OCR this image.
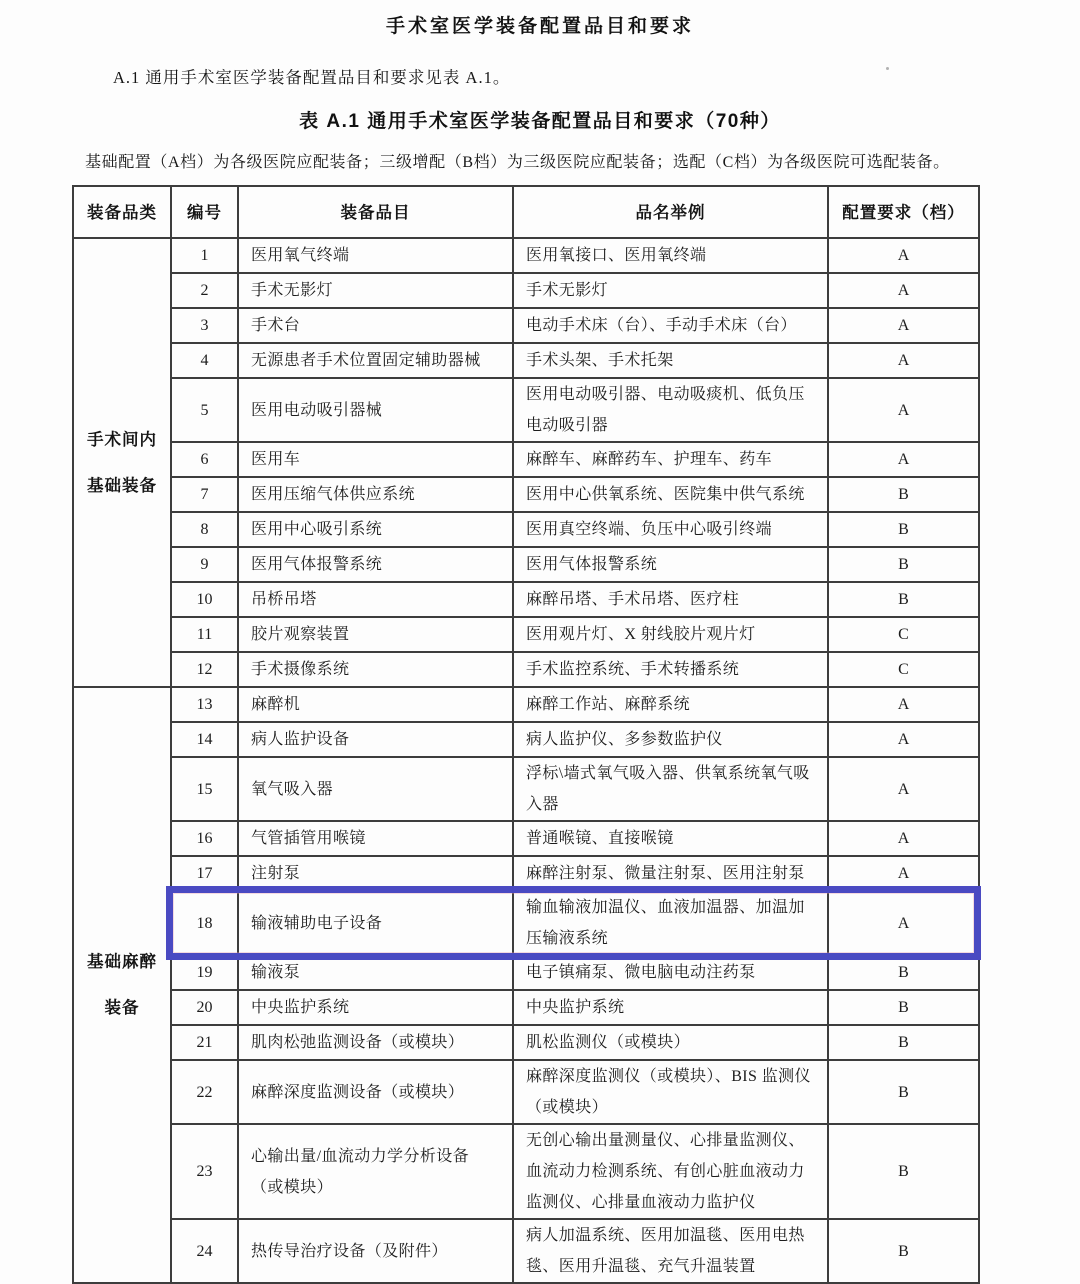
手术室医学装备配置品目和要求
A.1 通用手术室医学装备配置品目和要求见表 A.1。
表 A.1 通用手术室医学装备配置品目和要求（70种）
基础配置（A档）为各级医院应配装备；三级增配（B档）为三级医院应配装备；选配（C档）为各级医院可选配装备。
装备品类	编号	装备品目	品名举例	配置要求（档）

手术间内
基础装备	1	医用氧气终端	医用氧接口、医用氧终端	A
	2	手术无影灯	手术无影灯	A
	3	手术台	电动手术床（台）、手动手术床（台）	A
	4	无源患者手术位置固定辅助器械	手术头架、手术托架	A
	5	医用电动吸引器械	医用电动吸引器、电动吸痰机、低负压电动吸引器	A
	6	医用车	麻醉车、麻醉药车、护理车、药车	A
	7	医用压缩气体供应系统	医用中心供氧系统、医院集中供气系统	B
	8	医用中心吸引系统	医用真空终端、负压中心吸引终端	B
	9	医用气体报警系统	医用气体报警系统	B
	10	吊桥吊塔	麻醉吊塔、手术吊塔、医疗柱	B
	11	胶片观察装置	医用观片灯、X 射线胶片观片灯	C
	12	手术摄像系统	手术监控系统、手术转播系统	C

基础麻醉
装备	13	麻醉机	麻醉工作站、麻醉系统	A
	14	病人监护设备	病人监护仪、多参数监护仪	A
	15	氧气吸入器	浮标\墙式氧气吸入器、供氧系统氧气吸入器	A
	16	气管插管用喉镜	普通喉镜、直接喉镜	A
	17	注射泵	麻醉注射泵、微量注射泵、医用注射泵	A
	18	输液辅助电子设备	输血输液加温仪、血液加温器、加温加压输液系统	A
	19	输液泵	电子镇痛泵、微电脑电动注药泵	B
	20	中央监护系统	中央监护系统	B
	21	肌肉松弛监测设备（或模块）	肌松监测仪（或模块）	B
	22	麻醉深度监测设备（或模块）	麻醉深度监测仪（或模块）、BIS 监测仪（或模块）	B
	23	心输出量/血流动力学分析设备（或模块）	无创心输出量测量仪、心排量监测仪、血流动力检测系统、有创心脏血液动力监测仪、心排量血液动力监护仪	B
	24	热传导治疗设备（及附件）	病人加温系统、医用加温毯、医用电热毯、医用升温毯、充气升温装置	B
